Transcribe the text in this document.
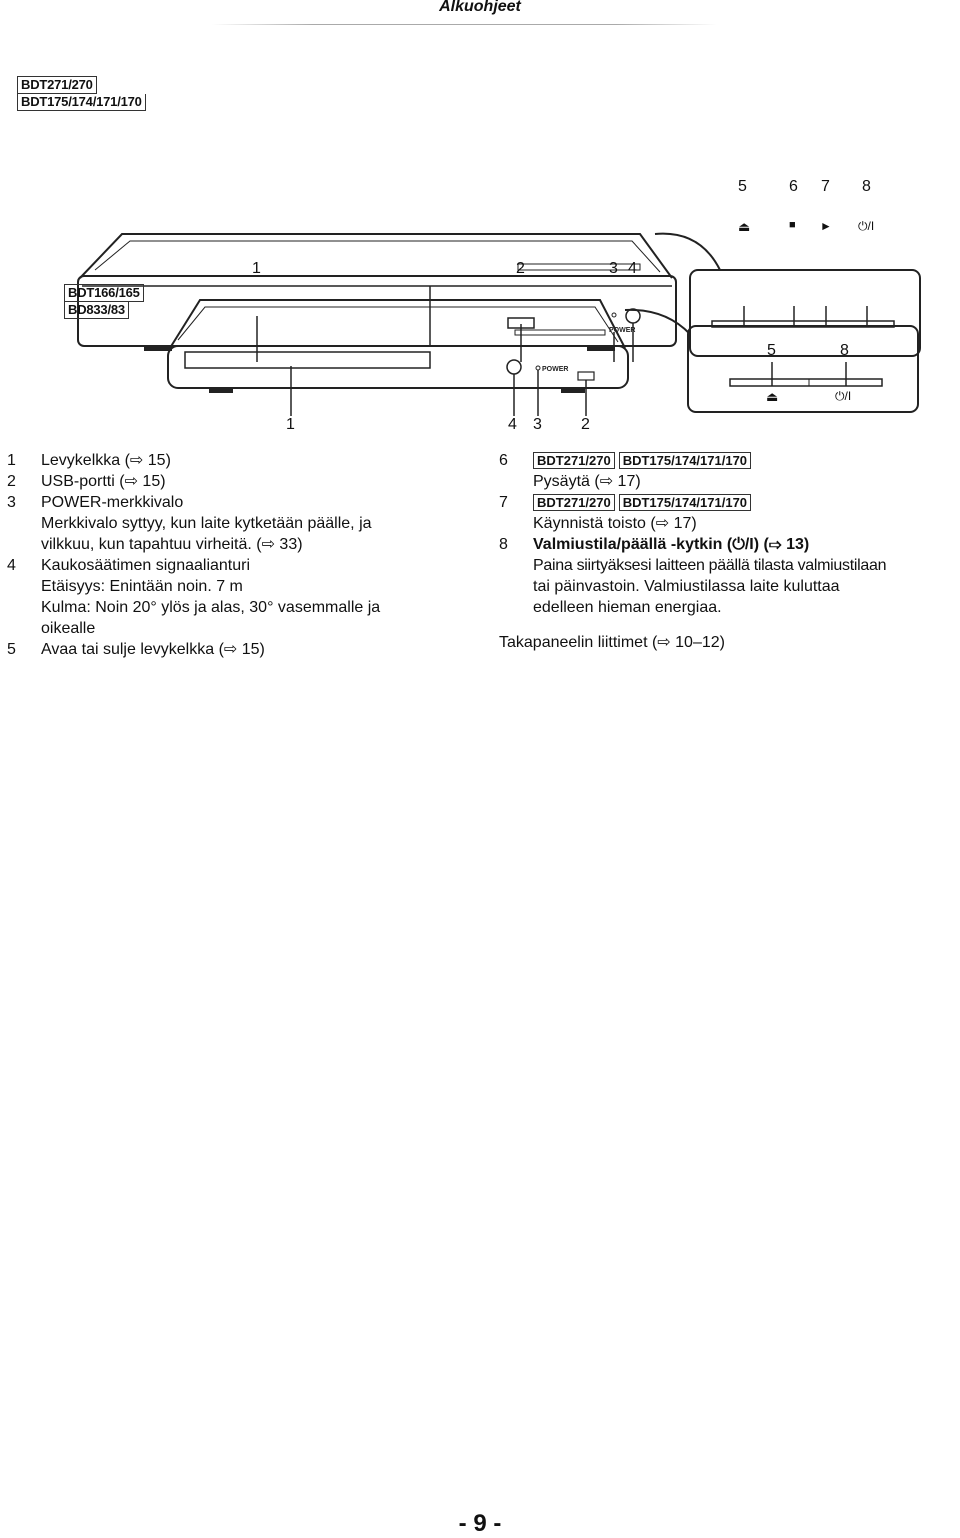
Alkuohjeet
BDT271/270
BDT175/174/171/170
POWER
5	6 7 8
⏏	■ ► ⏻/I
1	2	3 4
BDT166/165
BD833/83
POWER
5	8
⏏	⏻/I
1	4 3 2
1 Levykelkka (⇨ 15)
2 USB-portti (⇨ 15)
3 POWER-merkkivalo
Merkkivalo syttyy, kun laite kytketään päälle, ja
vilkkuu, kun tapahtuu virheitä. (⇨ 33)
4 Kaukosäätimen signaalianturi
Etäisyys: Enintään noin. 7 m
Kulma: Noin 20° ylös ja alas, 30° vasemmalle ja
oikealle
5 Avaa tai sulje levykelkka (⇨ 15)
6	BDT271/270 BDT175/174/171/170
Pysäytä (⇨ 17)
7	BDT271/270 BDT175/174/171/170
Käynnistä toisto (⇨ 17)
8 Valmiustila/päällä -kytkin (⏻/I) (⇨ 13)
Paina siirtyäksesi laitteen päällä tilasta valmiustilaan
tai päinvastoin. Valmiustilassa laite kuluttaa
edelleen hieman energiaa.
Takapaneelin liittimet (⇨ 10–12)
- 9 -
